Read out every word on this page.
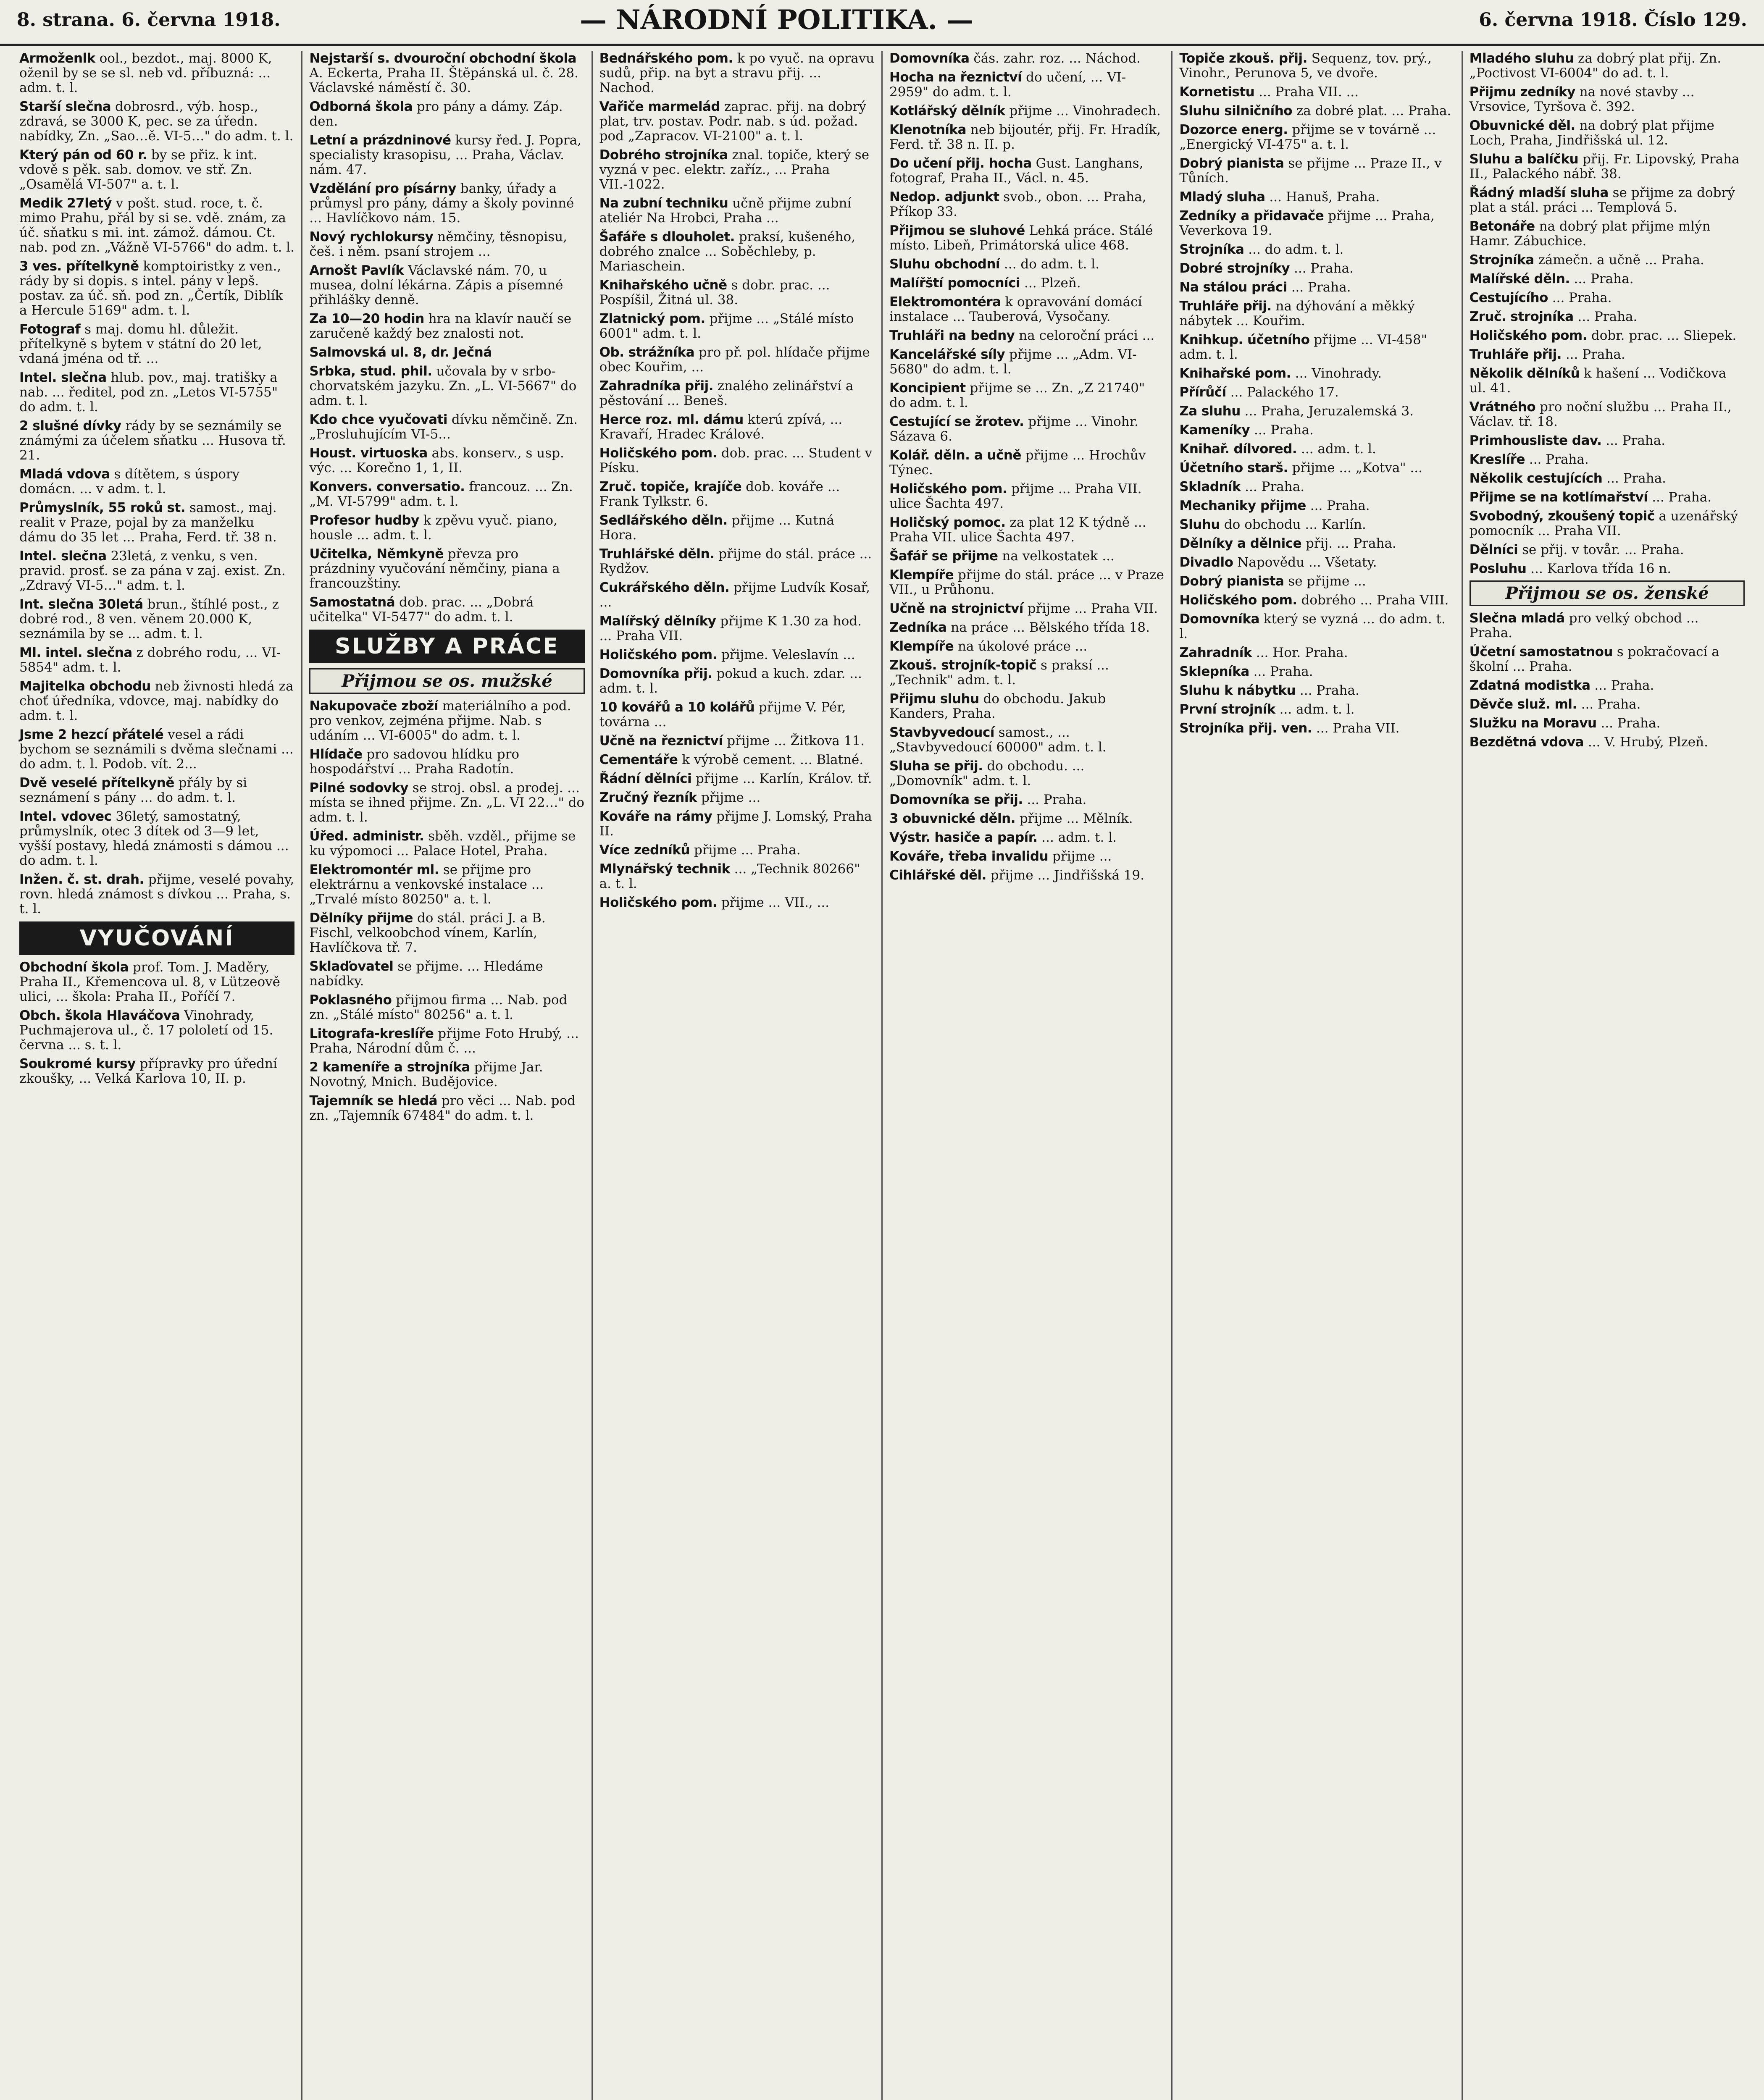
8. strana. 6. června 1918.	— NÁRODNÍ POLITIKA. —	6. června 1918. Číslo 129.
Armoženlk ool., bezdot., maj. 8000 K, oženil by se se sl. neb vd. příbuzná: ... adm. t. l.
Starší slečna dobrosrd., výb. hosp., zdravá, se 3000 K, pec. se za úředn. nabídky, Zn. „Sao…ě. VI-5…" do adm. t. l.
Který pán od 60 r. by se přiz. k int. vdově s pěk. sab. domov. ve stř. Zn. „Osamělá VI-507" a. t. l.
Medik 27letý v pošt. stud. roce, t. č. mimo Prahu, přál by si se. vdě. znám, za úč. sňatku s mi. int. zámož. dámou. Ct. nab. pod zn. „Vážně VI-5766" do adm. t. l.
3 ves. přítelkyně komptoiristky z ven., rády by si dopis. s intel. pány v lepš. postav. za úč. sň. pod zn. „Čertík, Diblík a Hercule 5169" adm. t. l.
Fotograf s maj. domu hl. důležit. přítelkyně s bytem v státní do 20 let, vdaná jména od tř. ...
Intel. slečna hlub. pov., maj. tratišky a nab. ... ředitel, pod zn. „Letos VI-5755" do adm. t. l.
2 slušné dívky rády by se seznámily se známými za účelem sňatku ... Husova tř. 21.
Mladá vdova s dítětem, s úspory domácn. ... v adm. t. l.
Průmyslník, 55 roků st. samost., maj. realit v Praze, pojal by za manželku dámu do 35 let ... Praha, Ferd. tř. 38 n.
Intel. slečna 23letá, z venku, s ven. pravid. prosť. se za pána v zaj. exist. Zn. „Zdravý VI-5…" adm. t. l.
Int. slečna 30letá brun., štíhlé post., z dobré rod., 8 ven. věnem 20.000 K, seznámila by se ... adm. t. l.
Ml. intel. slečna z dobrého rodu, ... VI-5854" adm. t. l.
Majitelka obchodu neb živnosti hledá za choť úředníka, vdovce, maj. nabídky do adm. t. l.
Jsme 2 hezcí přátelé vesel a rádi bychom se seznámili s dvěma slečnami ... do adm. t. l. Podob. vít. 2...
Dvě veselé přítelkyně přály by si seznámení s pány ... do adm. t. l.
Intel. vdovec 36letý, samostatný, průmyslník, otec 3 dítek od 3—9 let, vyšší postavy, hledá známosti s dámou ... do adm. t. l.
Inžen. č. st. drah. přijme, veselé povahy, rovn. hledá známost s dívkou ... Praha, s. t. l.
VYUČOVÁNÍ
Obchodní škola prof. Tom. J. Maděry, Praha II., Křemencova ul. 8, v Lützeově ulici, ... škola: Praha II., Poříčí 7.
Obch. škola Hlaváčova Vinohrady, Puchmajerova ul., č. 17 pololetí od 15. června ... s. t. l.
Soukromé kursy přípravky pro úřední zkoušky, ... Velká Karlova 10, II. p.
Nejstarší s. dvouroční obchodní škola A. Eckerta, Praha II. Štěpánská ul. č. 28. Václavské náměstí č. 30.
Odborná škola pro pány a dámy. Záp. den.
Letní a prázdninové kursy řed. J. Popra, specialisty krasopisu, ... Praha, Václav. nám. 47.
Vzdělání pro písárny banky, úřady a průmysl pro pány, dámy a školy povinné ... Havlíčkovo nám. 15.
Nový rychlokursy němčiny, těsnopisu, češ. i něm. psaní strojem ...
Arnošt Pavlík Václavské nám. 70, u musea, dolní lékárna. Zápis a písemné přihlášky denně.
Za 10—20 hodin hra na klavír naučí se zaručeně každý bez znalosti not.
Salmovská ul. 8, dr. Ječná
Srbka, stud. phil. učovala by v srbo-chorvatském jazyku. Zn. „L. VI-5667" do adm. t. l.
Kdo chce vyučovati dívku němčině. Zn. „Prosluhujícím VI-5...
Houst. virtuoska abs. konserv., s usp. výc. ... Korečno 1, 1, II.
Konvers. conversatio. francouz. ... Zn. „M. VI-5799" adm. t. l.
Profesor hudby k zpěvu vyuč. piano, housle ... adm. t. l.
Učitelka, Němkyně převza pro prázdniny vyučování němčiny, piana a francouzštiny.
Samostatná dob. prac. ... „Dobrá učitelka" VI-5477" do adm. t. l.
SLUŽBY A PRÁCE
Přijmou se os. mužské
Nakupovače zboží materiálního a pod. pro venkov, zejména přijme. Nab. s udáním ... VI-6005" do adm. t. l.
Hlídače pro sadovou hlídku pro hospodářství ... Praha Radotín.
Pilné sodovky se stroj. obsl. a prodej. ... místa se ihned přijme. Zn. „L. VI 22…" do adm. t. l.
Úřed. administr. sběh. vzděl., přijme se ku výpomoci ... Palace Hotel, Praha.
Elektromontér ml. se přijme pro elektrárnu a venkovské instalace ... „Trvalé místo 80250" a. t. l.
Dělníky přijme do stál. práci J. a B. Fischl, velkoobchod vínem, Karlín, Havlíčkova tř. 7.
Sklaďovatel se přijme. ... Hledáme nabídky.
Poklasného přijmou firma ... Nab. pod zn. „Stálé místo" 80256" a. t. l.
Litografa-kreslíře přijme Foto Hrubý, ... Praha, Národní dům č. ...
2 kameníře a strojníka přijme Jar. Novotný, Mnich. Budějovice.
Tajemník se hledá pro věci ... Nab. pod zn. „Tajemník 67484" do adm. t. l.
Bednářského pom. k po vyuč. na opravu sudů, přip. na byt a stravu přij. ... Nachod.
Vařiče marmelád zaprac. přij. na dobrý plat, trv. postav. Podr. nab. s úd. požad. pod „Zapracov. VI-2100" a. t. l.
Dobrého strojníka znal. topiče, který se vyzná v pec. elektr. zaříz., ... Praha VII.-1022.
Na zubní techniku učně přijme zubní ateliér Na Hrobci, Praha ...
Šafáře s dlouholet. praksí, kušeného, dobrého znalce ... Soběchleby, p. Mariaschein.
Knihařského učně s dobr. prac. ... Pospíšil, Žitná ul. 38.
Zlatnický pom. přijme ... „Stálé místo 6001" adm. t. l.
Ob. strážníka pro př. pol. hlídače přijme obec Kouřim, ...
Zahradníka přij. znalého zelinářství a pěstování ... Beneš.
Herce roz. ml. dámu kterú zpívá, ... Kravaří, Hradec Králové.
Holičského pom. dob. prac. ... Student v Písku.
Zruč. topiče, krajíče dob. kováře ... Frank Tylkstr. 6.
Sedlářského děln. přijme ... Kutná Hora.
Truhlářské děln. přijme do stál. práce ... Rydžov.
Cukrářského děln. přijme Ludvík Kosař, ...
Malířský dělníky přijme K 1.30 za hod. ... Praha VII.
Holičského pom. přijme. Veleslavín ...
Domovníka přij. pokud a kuch. zdar. ... adm. t. l.
10 kovářů a 10 kolářů přijme V. Pér, továrna ...
Učně na řeznictví přijme ... Žitkova 11.
Cementáře k výrobě cement. ... Blatné.
Řádní dělníci přijme ... Karlín, Králov. tř.
Zručný řezník přijme ...
Kováře na rámy přijme J. Lomský, Praha II.
Více zedníků přijme ... Praha.
Mlynářský technik ... „Technik 80266" a. t. l.
Holičského pom. přijme ... VII., ...
Domovníka čás. zahr. roz. ... Náchod.
Hocha na řeznictví do učení, ... VI-2959" do adm. t. l.
Kotlářský dělník přijme ... Vinohradech.
Klenotníka neb bijoutér, přij. Fr. Hradík, Ferd. tř. 38 n. II. p.
Do učení přij. hocha Gust. Langhans, fotograf, Praha II., Václ. n. 45.
Nedop. adjunkt svob., obon. ... Praha, Příkop 33.
Přijmou se sluhové Lehká práce. Stálé místo. Libeň, Primátorská ulice 468.
Sluhu obchodní ... do adm. t. l.
Malířští pomocníci ... Plzeň.
Elektromontéra k opravování domácí instalace ... Tauberová, Vysočany.
Truhláři na bedny na celoroční práci ...
Kancelářské síly přijme ... „Adm. VI-5680" do adm. t. l.
Koncipient přijme se ... Zn. „Z 21740" do adm. t. l.
Cestující se žrotev. přijme ... Vinohr. Sázava 6.
Kolář. děln. a učně přijme ... Hrochův Týnec.
Holičského pom. přijme ... Praha VII. ulice Šachta 497.
Holičský pomoc. za plat 12 K týdně ... Praha VII. ulice Šachta 497.
Šafář se přijme na velkostatek ...
Klempíře přijme do stál. práce ... v Praze VII., u Průhonu.
Učně na strojnictví přijme ... Praha VII.
Zedníka na práce ... Bělského třída 18.
Klempíře na úkolové práce ...
Zkouš. strojník-topič s praksí ... „Technik" adm. t. l.
Přijmu sluhu do obchodu. Jakub Kanders, Praha.
Stavbyvedoucí samost., ... „Stavbyvedoucí 60000" adm. t. l.
Sluha se přij. do obchodu. ... „Domovník" adm. t. l.
Domovníka se přij. ... Praha.
3 obuvnické děln. přijme ... Mělník.
Výstr. hasiče a papír. ... adm. t. l.
Kováře, třeba invalidu přijme ...
Cihlářské děl. přijme ... Jindřišská 19.
Topiče zkouš. přij. Sequenz, tov. prý., Vinohr., Perunova 5, ve dvoře.
Kornetistu ... Praha VII. ...
Sluhu silničního za dobré plat. ... Praha.
Dozorce energ. přijme se v továrně ... „Energický VI-475" a. t. l.
Dobrý pianista se přijme ... Praze II., v Tůních.
Mladý sluha ... Hanuš, Praha.
Zedníky a přidavače přijme ... Praha, Veverkova 19.
Strojníka ... do adm. t. l.
Dobré strojníky ... Praha.
Na stálou práci ... Praha.
Truhláře přij. na dýhování a měkký nábytek ... Kouřim.
Knihkup. účetního přijme ... VI-458" adm. t. l.
Knihařské pom. ... Vinohrady.
Přírůčí ... Palackého 17.
Za sluhu ... Praha, Jeruzalemská 3.
Kameníky ... Praha.
Knihař. dílvored. ... adm. t. l.
Účetního starš. přijme ... „Kotva" ...
Skladník ... Praha.
Mechaniky přijme ... Praha.
Sluhu do obchodu ... Karlín.
Dělníky a dělnice přij. ... Praha.
Divadlo Napovědu ... Všetaty.
Dobrý pianista se přijme ...
Holičského pom. dobrého ... Praha VIII.
Domovníka který se vyzná ... do adm. t. l.
Zahradník ... Hor. Praha.
Sklepníka ... Praha.
Sluhu k nábytku ... Praha.
První strojník ... adm. t. l.
Strojníka přij. ven. ... Praha VII.
Mladého sluhu za dobrý plat přij. Zn. „Poctivost VI-6004" do ad. t. l.
Přijmu zedníky na nové stavby ... Vrsovice, Tyršova č. 392.
Obuvnické děl. na dobrý plat přijme Loch, Praha, Jindřišská ul. 12.
Sluhu a balíčku přij. Fr. Lipovský, Praha II., Palackého nábř. 38.
Řádný mladší sluha se přijme za dobrý plat a stál. práci ... Templová 5.
Betonáře na dobrý plat přijme mlýn Hamr. Zábuchice.
Strojníka zámečn. a učně ... Praha.
Malířské děln. ... Praha.
Cestujícího ... Praha.
Zruč. strojníka ... Praha.
Holičského pom. dobr. prac. ... Sliepek.
Truhláře přij. ... Praha.
Několik dělníků k hašení ... Vodičkova ul. 41.
Vrátného pro noční službu ... Praha II., Václav. tř. 18.
Primhousliste dav. ... Praha.
Kreslíře ... Praha.
Několik cestujících ... Praha.
Přijme se na kotlímařství ... Praha.
Svobodný, zkoušený topič a uzenářský pomocník ... Praha VII.
Dělníci se přij. v tovår. ... Praha.
Posluhu ... Karlova třída 16 n.
Přijmou se os. ženské
Slečna mladá pro velký obchod ... Praha.
Účetní samostatnou s pokračovací a školní ... Praha.
Zdatná modistka ... Praha.
Děvče služ. ml. ... Praha.
Služku na Moravu ... Praha.
Bezdětná vdova ... V. Hrubý, Plzeň.
